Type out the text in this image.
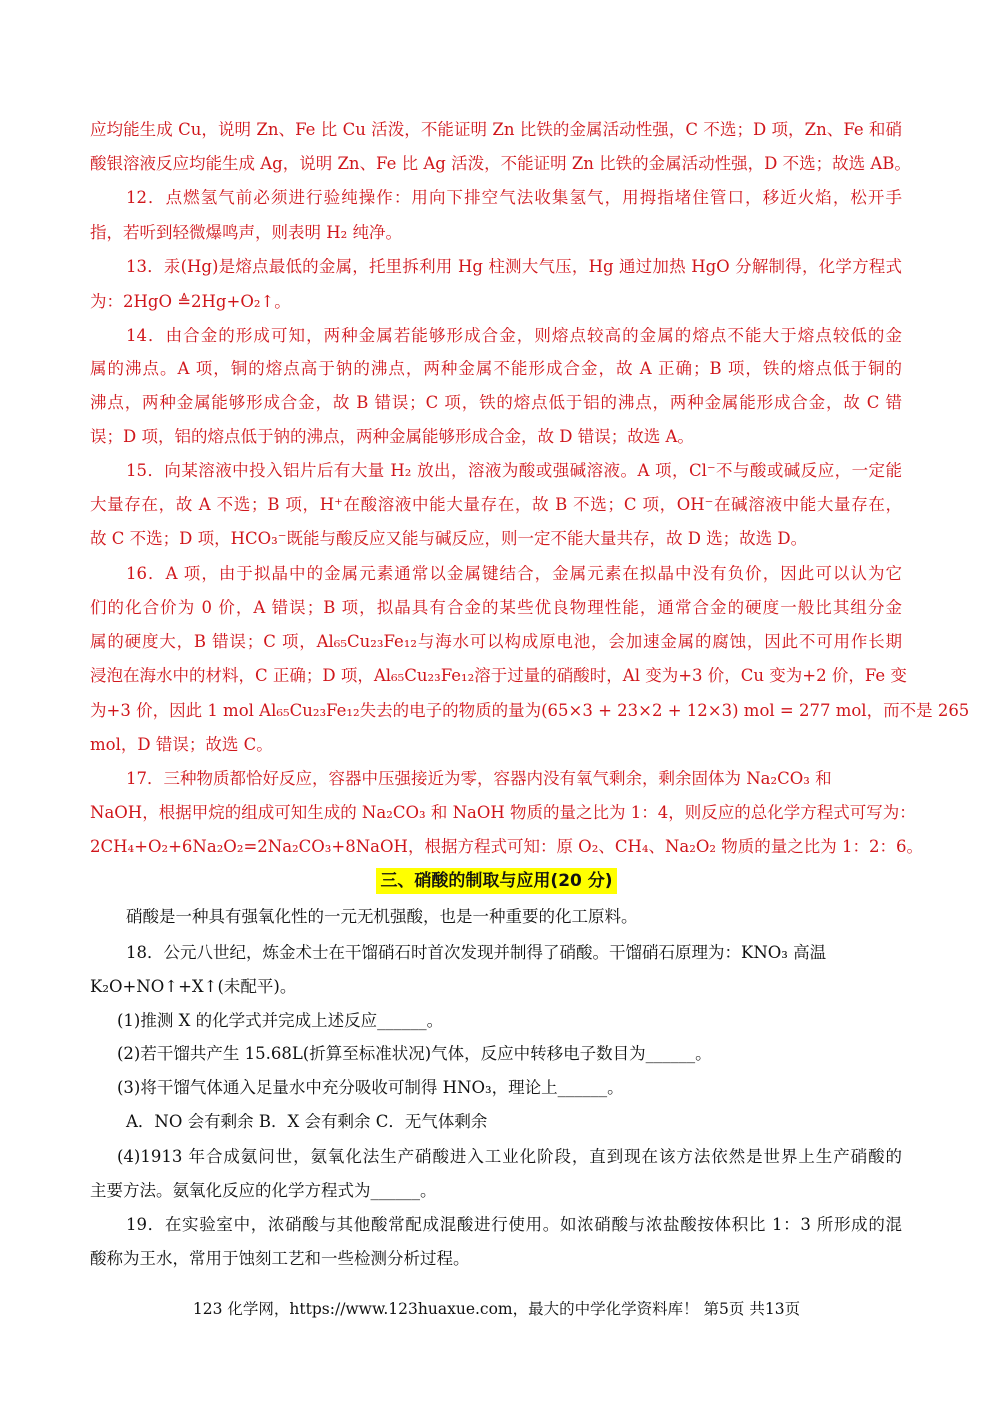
应均能生成 Cu，说明 Zn、Fe 比 Cu 活泼，不能证明 Zn 比铁的金属活动性强，C 不选；D 项，Zn、Fe 和硝

酸银溶液反应均能生成 Ag，说明 Zn、Fe 比 Ag 活泼，不能证明 Zn 比铁的金属活动性强，D 不选；故选 AB。

12．点燃氢气前必须进行验纯操作：用向下排空气法收集氢气，用拇指堵住管口，移近火焰，松开手

指，若听到轻微爆鸣声，则表明 H₂ 纯净。

13．汞(Hg)是熔点最低的金属，托里拆利用 Hg 柱测大气压，Hg 通过加热 HgO 分解制得，化学方程式

为：2HgO ≜2Hg+O₂↑。

14．由合金的形成可知，两种金属若能够形成合金，则熔点较高的金属的熔点不能大于熔点较低的金

属的沸点。A 项，铜的熔点高于钠的沸点，两种金属不能形成合金，故 A 正确；B 项，铁的熔点低于铜的

沸点，两种金属能够形成合金，故 B 错误；C 项，铁的熔点低于铝的沸点，两种金属能形成合金，故 C 错

误；D 项，铝的熔点低于钠的沸点，两种金属能够形成合金，故 D 错误；故选 A。

15．向某溶液中投入铝片后有大量 H₂ 放出，溶液为酸或强碱溶液。A 项，Cl⁻不与酸或碱反应，一定能

大量存在，故 A 不选；B 项，H⁺在酸溶液中能大量存在，故 B 不选；C 项，OH⁻在碱溶液中能大量存在，

故 C 不选；D 项，HCO₃⁻既能与酸反应又能与碱反应，则一定不能大量共存，故 D 选；故选 D。

16．A 项，由于拟晶中的金属元素通常以金属键结合，金属元素在拟晶中没有负价，因此可以认为它

们的化合价为 0 价，A 错误；B 项，拟晶具有合金的某些优良物理性能，通常合金的硬度一般比其组分金

属的硬度大，B 错误；C 项，Al₆₅Cu₂₃Fe₁₂与海水可以构成原电池，会加速金属的腐蚀，因此不可用作长期

浸泡在海水中的材料，C 正确；D 项，Al₆₅Cu₂₃Fe₁₂溶于过量的硝酸时，Al 变为+3 价，Cu 变为+2 价，Fe 变

为+3 价，因此 1 mol Al₆₅Cu₂₃Fe₁₂失去的电子的物质的量为(65×3 + 23×2 + 12×3) mol = 277 mol，而不是 265

mol，D 错误；故选 C。

17．三种物质都恰好反应，容器中压强接近为零，容器内没有氧气剩余，剩余固体为 Na₂CO₃ 和

NaOH，根据甲烷的组成可知生成的 Na₂CO₃ 和 NaOH 物质的量之比为 1：4，则反应的总化学方程式可写为：

2CH₄+O₂+6Na₂O₂=2Na₂CO₃+8NaOH，根据方程式可知：原 O₂、CH₄、Na₂O₂ 物质的量之比为 1：2：6。

三、硝酸的制取与应用(20 分)

硝酸是一种具有强氧化性的一元无机强酸，也是一种重要的化工原料。

18．公元八世纪，炼金术士在干馏硝石时首次发现并制得了硝酸。干馏硝石原理为：KNO₃ 高温

K₂O+NO↑+X↑(未配平)。

(1)推测 X 的化学式并完成上述反应______。

(2)若干馏共产生 15.68L(折算至标准状况)气体，反应中转移电子数目为______。

(3)将干馏气体通入足量水中充分吸收可制得 HNO₃，理论上______。

A．NO 会有剩余 B．X 会有剩余 C．无气体剩余

(4)1913 年合成氨问世，氨氧化法生产硝酸进入工业化阶段，直到现在该方法依然是世界上生产硝酸的

主要方法。氨氧化反应的化学方程式为______。

19．在实验室中，浓硝酸与其他酸常配成混酸进行使用。如浓硝酸与浓盐酸按体积比 1：3 所形成的混

酸称为王水，常用于蚀刻工艺和一些检测分析过程。

123 化学网，https://www.123huaxue.com，最大的中学化学资料库！ 第5页 共13页
